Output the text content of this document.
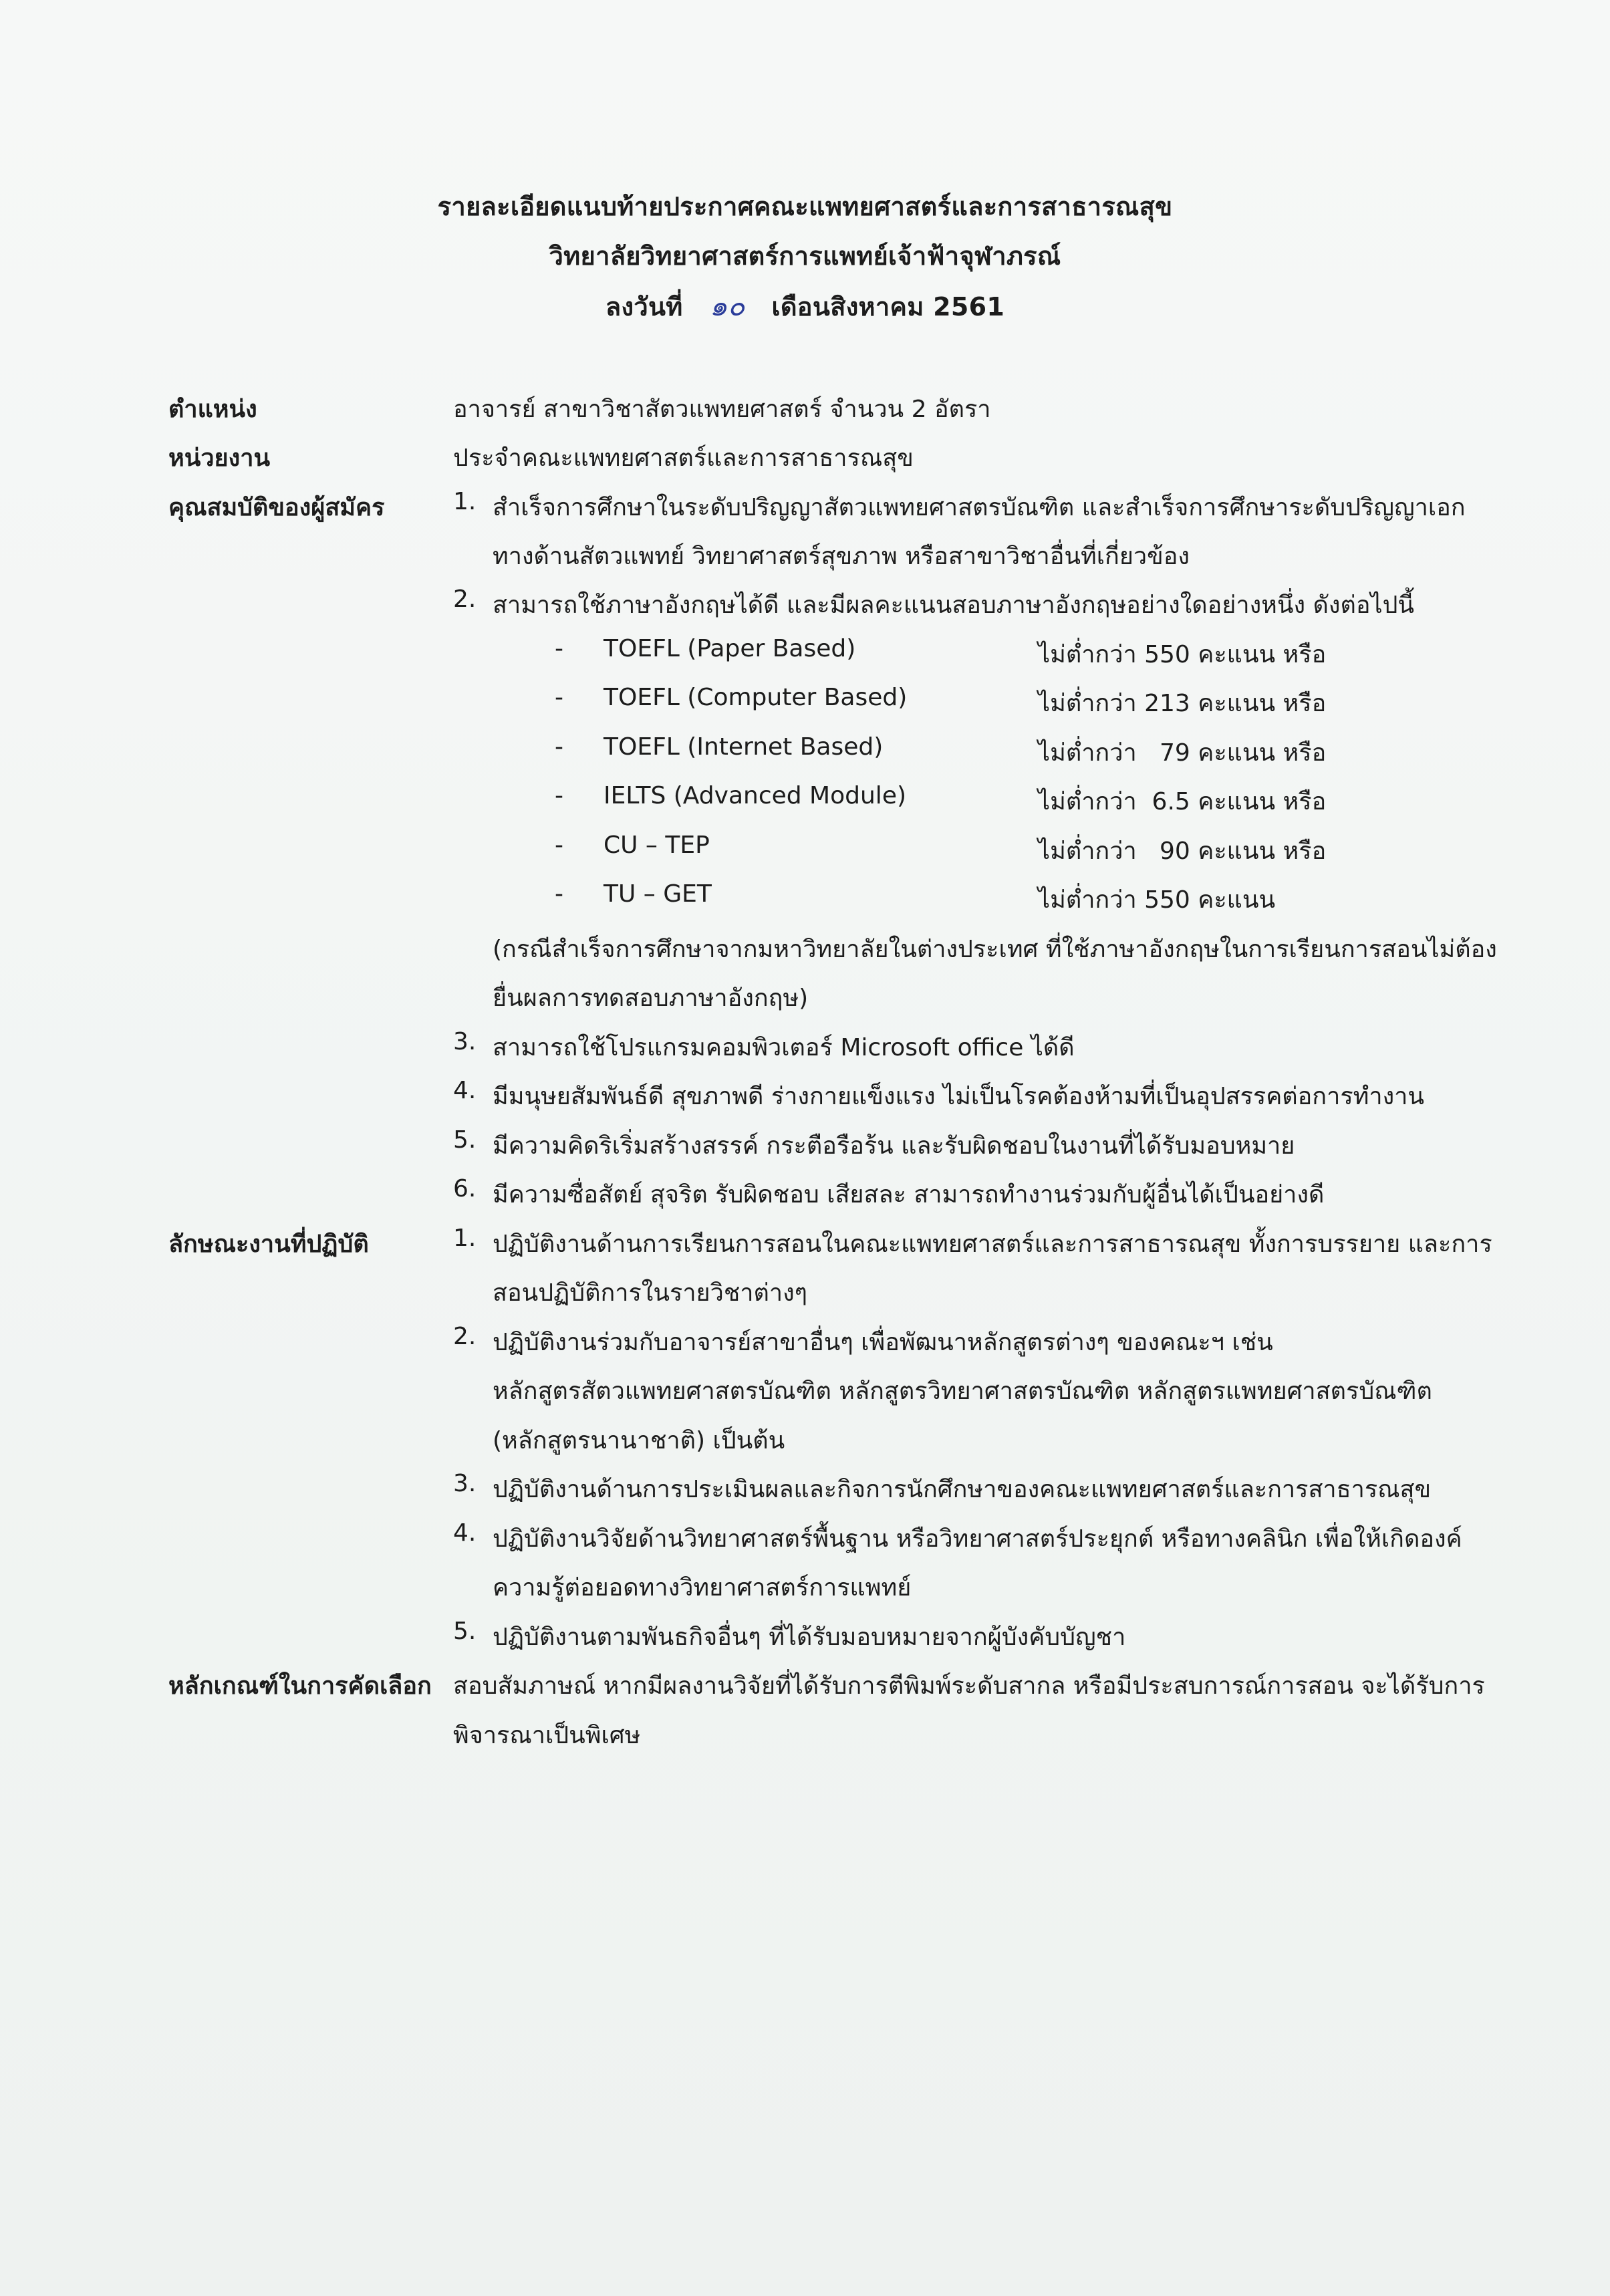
รายละเอียดแนบท้ายประกาศคณะแพทยศาสตร์และการสาธารณสุข
วิทยาลัยวิทยาศาสตร์การแพทย์เจ้าฟ้าจุฬาภรณ์
ลงวันที่ ๑๐ เดือนสิงหาคม 2561
ตำแหน่ง	อาจารย์ สาขาวิชาสัตวแพทยศาสตร์ จำนวน 2 อัตรา
หน่วยงาน	ประจำคณะแพทยศาสตร์และการสาธารณสุข
คุณสมบัติของผู้สมัคร	1. สำเร็จการศึกษาในระดับปริญญาสัตวแพทยศาสตรบัณฑิต และสำเร็จการศึกษาระดับปริญญาเอก
ทางด้านสัตวแพทย์ วิทยาศาสตร์สุขภาพ หรือสาขาวิชาอื่นที่เกี่ยวข้อง
2. สามารถใช้ภาษาอังกฤษได้ดี และมีผลคะแนนสอบภาษาอังกฤษอย่างใดอย่างหนึ่ง ดังต่อไปนี้
- TOEFL (Paper Based)	ไม่ต่ำกว่า 550 คะแนน หรือ
- TOEFL (Computer Based)	ไม่ต่ำกว่า 213 คะแนน หรือ
- TOEFL (Internet Based)	ไม่ต่ำกว่า   79 คะแนน หรือ
- IELTS (Advanced Module)	ไม่ต่ำกว่า  6.5 คะแนน หรือ
- CU – TEP	ไม่ต่ำกว่า   90 คะแนน หรือ
- TU – GET	ไม่ต่ำกว่า 550 คะแนน
(กรณีสำเร็จการศึกษาจากมหาวิทยาลัยในต่างประเทศ ที่ใช้ภาษาอังกฤษในการเรียนการสอนไม่ต้อง
ยื่นผลการทดสอบภาษาอังกฤษ)
3. สามารถใช้โปรแกรมคอมพิวเตอร์ Microsoft office ได้ดี
4. มีมนุษยสัมพันธ์ดี สุขภาพดี ร่างกายแข็งแรง ไม่เป็นโรคต้องห้ามที่เป็นอุปสรรคต่อการทำงาน
5. มีความคิดริเริ่มสร้างสรรค์ กระตือรือร้น และรับผิดชอบในงานที่ได้รับมอบหมาย
6. มีความซื่อสัตย์ สุจริต รับผิดชอบ เสียสละ สามารถทำงานร่วมกับผู้อื่นได้เป็นอย่างดี
ลักษณะงานที่ปฏิบัติ	1. ปฏิบัติงานด้านการเรียนการสอนในคณะแพทยศาสตร์และการสาธารณสุข ทั้งการบรรยาย และการ
สอนปฏิบัติการในรายวิชาต่างๆ
2. ปฏิบัติงานร่วมกับอาจารย์สาขาอื่นๆ เพื่อพัฒนาหลักสูตรต่างๆ ของคณะฯ เช่น
หลักสูตรสัตวแพทยศาสตรบัณฑิต หลักสูตรวิทยาศาสตรบัณฑิต หลักสูตรแพทยศาสตรบัณฑิต
(หลักสูตรนานาชาติ) เป็นต้น
3. ปฏิบัติงานด้านการประเมินผลและกิจการนักศึกษาของคณะแพทยศาสตร์และการสาธารณสุข
4. ปฏิบัติงานวิจัยด้านวิทยาศาสตร์พื้นฐาน หรือวิทยาศาสตร์ประยุกต์ หรือทางคลินิก เพื่อให้เกิดองค์
ความรู้ต่อยอดทางวิทยาศาสตร์การแพทย์
5. ปฏิบัติงานตามพันธกิจอื่นๆ ที่ได้รับมอบหมายจากผู้บังคับบัญชา
หลักเกณฑ์ในการคัดเลือก สอบสัมภาษณ์ หากมีผลงานวิจัยที่ได้รับการตีพิมพ์ระดับสากล หรือมีประสบการณ์การสอน จะได้รับการ
พิจารณาเป็นพิเศษ
